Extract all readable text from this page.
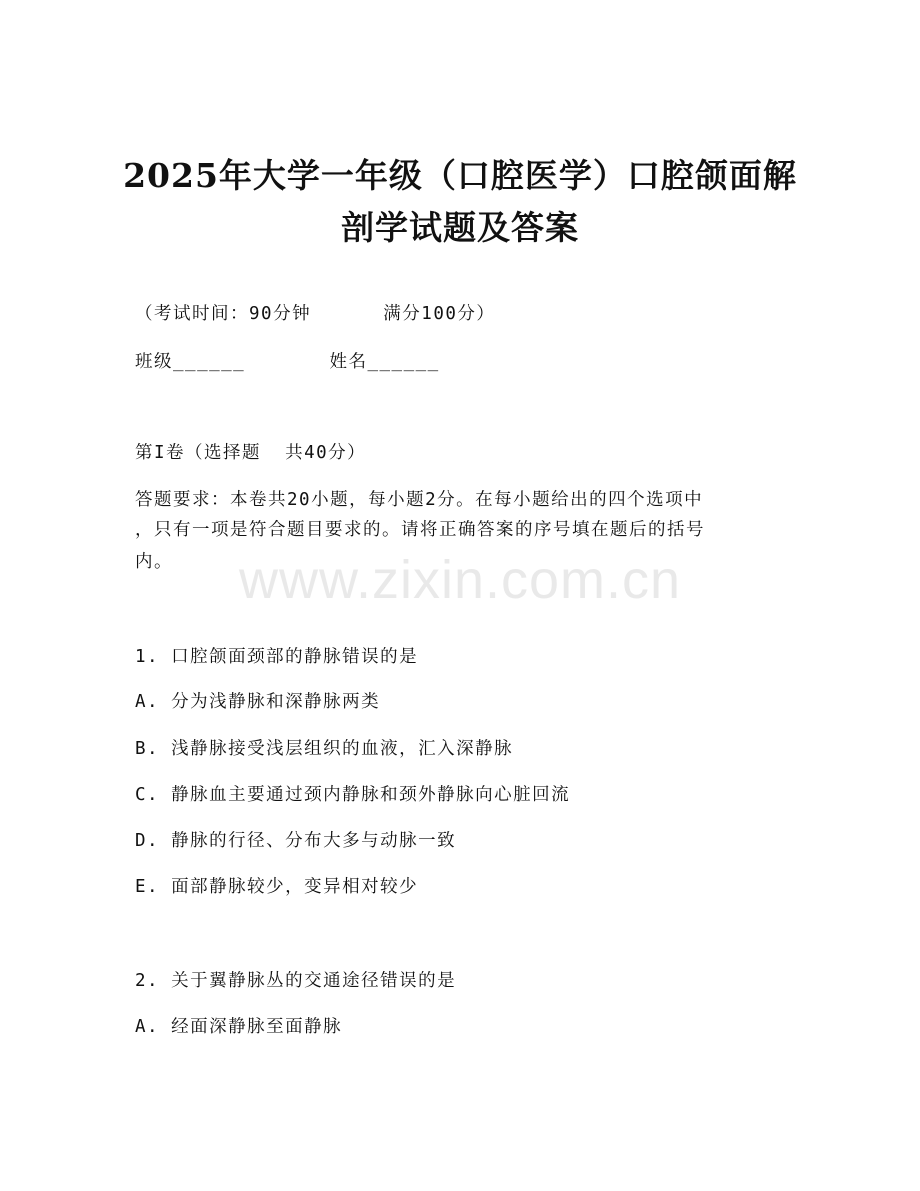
2025年大学一年级（口腔医学）口腔颌面解
剖学试题及答案
（考试时间：90分钟      满分100分）
班级______       姓名______
第I卷（选择题  共40分）
答题要求：本卷共20小题，每小题2分。在每小题给出的四个选项中
，只有一项是符合题目要求的。请将正确答案的序号填在题后的括号
内。	www.zixin.com.cn
1. 口腔颌面颈部的静脉错误的是
A. 分为浅静脉和深静脉两类
B. 浅静脉接受浅层组织的血液，汇入深静脉
C. 静脉血主要通过颈内静脉和颈外静脉向心脏回流
D. 静脉的行径、分布大多与动脉一致
E. 面部静脉较少，变异相对较少
2. 关于翼静脉丛的交通途径错误的是
A. 经面深静脉至面静脉
